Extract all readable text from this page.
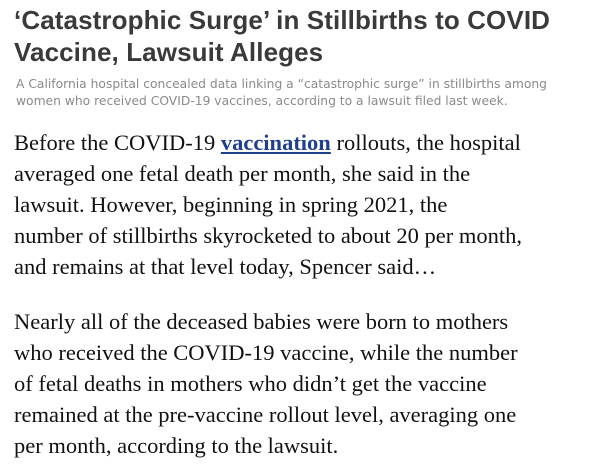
‘Catastrophic Surge’ in Stillbirths to COVID
Vaccine, Lawsuit Alleges

A California hospital concealed data linking a “catastrophic surge” in stillbirths among
women who received COVID-19 vaccines, according to a lawsuit filed last week.

Before the COVID-19 vaccination rollouts, the hospital
averaged one fetal death per month, she said in the
lawsuit. However, beginning in spring 2021, the
number of stillbirths skyrocketed to about 20 per month,
and remains at that level today, Spencer said…

Nearly all of the deceased babies were born to mothers
who received the COVID-19 vaccine, while the number
of fetal deaths in mothers who didn’t get the vaccine
remained at the pre-vaccine rollout level, averaging one
per month, according to the lawsuit.
